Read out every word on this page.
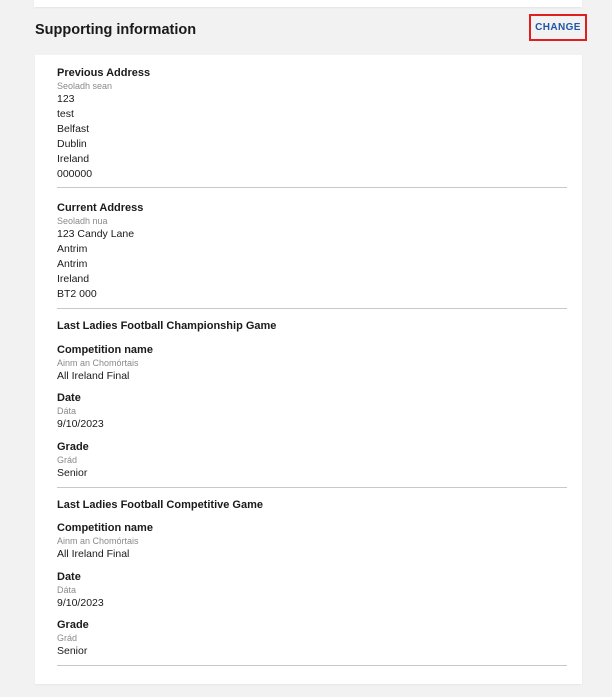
Supporting information	CHANGE
Previous Address
Seoladh sean
123
test
Belfast
Dublin
Ireland
000000
Current Address
Seoladh nua
123 Candy Lane
Antrim
Antrim
Ireland
BT2 000
Last Ladies Football Championship Game
Competition name
Ainm an Chomórtais
All Ireland Final
Date
Dáta
9/10/2023
Grade
Grád
Senior
Last Ladies Football Competitive Game
Competition name
Ainm an Chomórtais
All Ireland Final
Date
Dáta
9/10/2023
Grade
Grád
Senior
